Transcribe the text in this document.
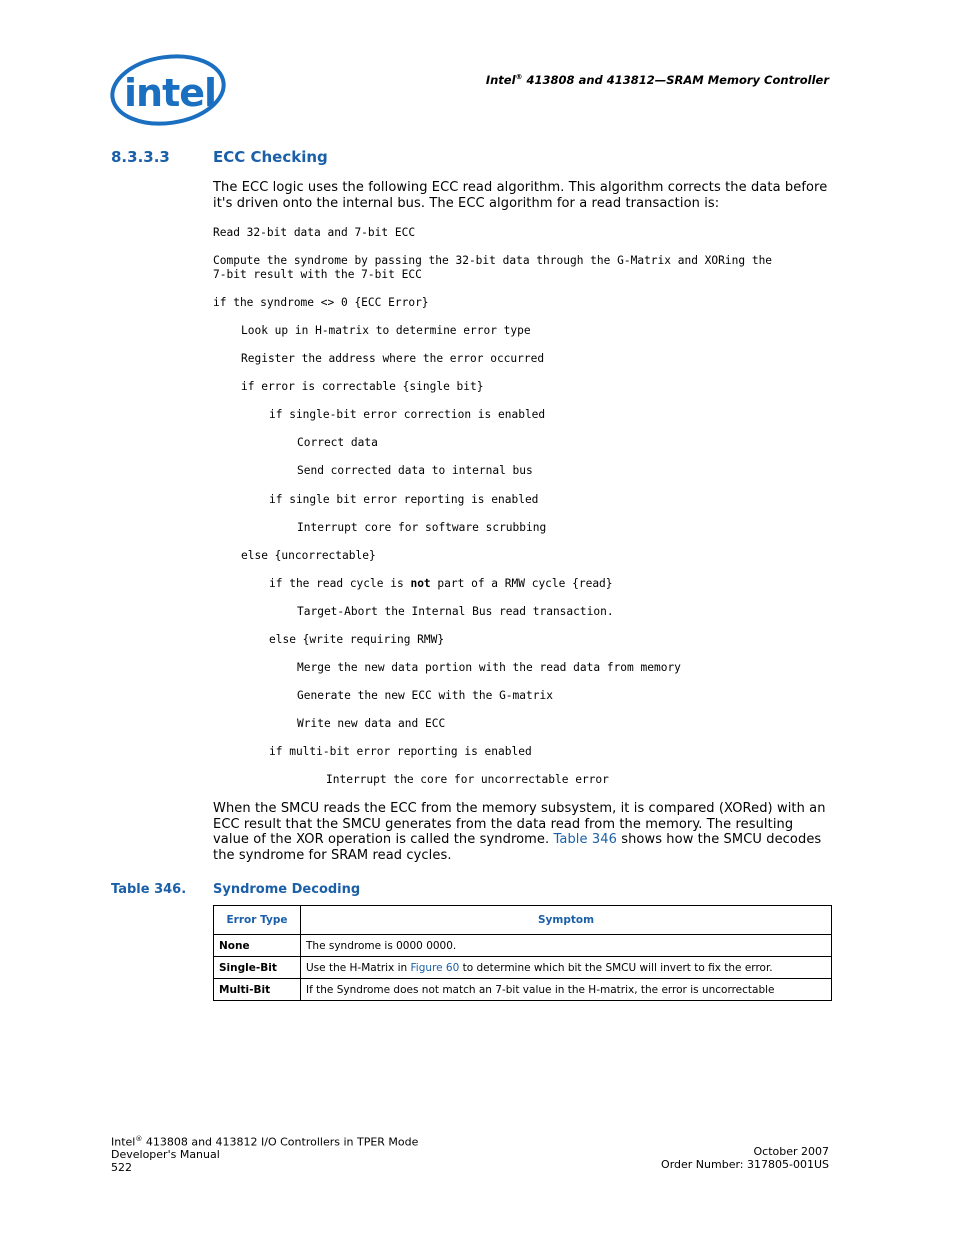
intel	Intel® 413808 and 413812—SRAM Memory Controller
8.3.3.3	ECC Checking
The ECC logic uses the following ECC read algorithm. This algorithm corrects the data before it's driven onto the internal bus. The ECC algorithm for a read transaction is:
Read 32-bit data and 7-bit ECC
Compute the syndrome by passing the 32-bit data through the G-Matrix and XORing the
7-bit result with the 7-bit ECC
if the syndrome <> 0 {ECC Error}
Look up in H-matrix to determine error type
Register the address where the error occurred
if error is correctable {single bit}
if single-bit error correction is enabled
Correct data
Send corrected data to internal bus
if single bit error reporting is enabled
Interrupt core for software scrubbing
else {uncorrectable}
if the read cycle is not part of a RMW cycle {read}
Target-Abort the Internal Bus read transaction.
else {write requiring RMW}
Merge the new data portion with the read data from memory
Generate the new ECC with the G-matrix
Write new data and ECC
if multi-bit error reporting is enabled
Interrupt the core for uncorrectable error
When the SMCU reads the ECC from the memory subsystem, it is compared (XORed) with an ECC result that the SMCU generates from the data read from the memory. The resulting value of the XOR operation is called the syndrome. Table 346 shows how the SMCU decodes the syndrome for SRAM read cycles.
Table 346. Syndrome Decoding
Error Type	Symptom
None	The syndrome is 0000 0000.
Single-Bit	Use the H-Matrix in Figure 60 to determine which bit the SMCU will invert to fix the error.
Multi-Bit	If the Syndrome does not match an 7-bit value in the H-matrix, the error is uncorrectable
Intel® 413808 and 413812 I/O Controllers in TPER Mode
Developer's Manual
522
October 2007
Order Number: 317805-001US
